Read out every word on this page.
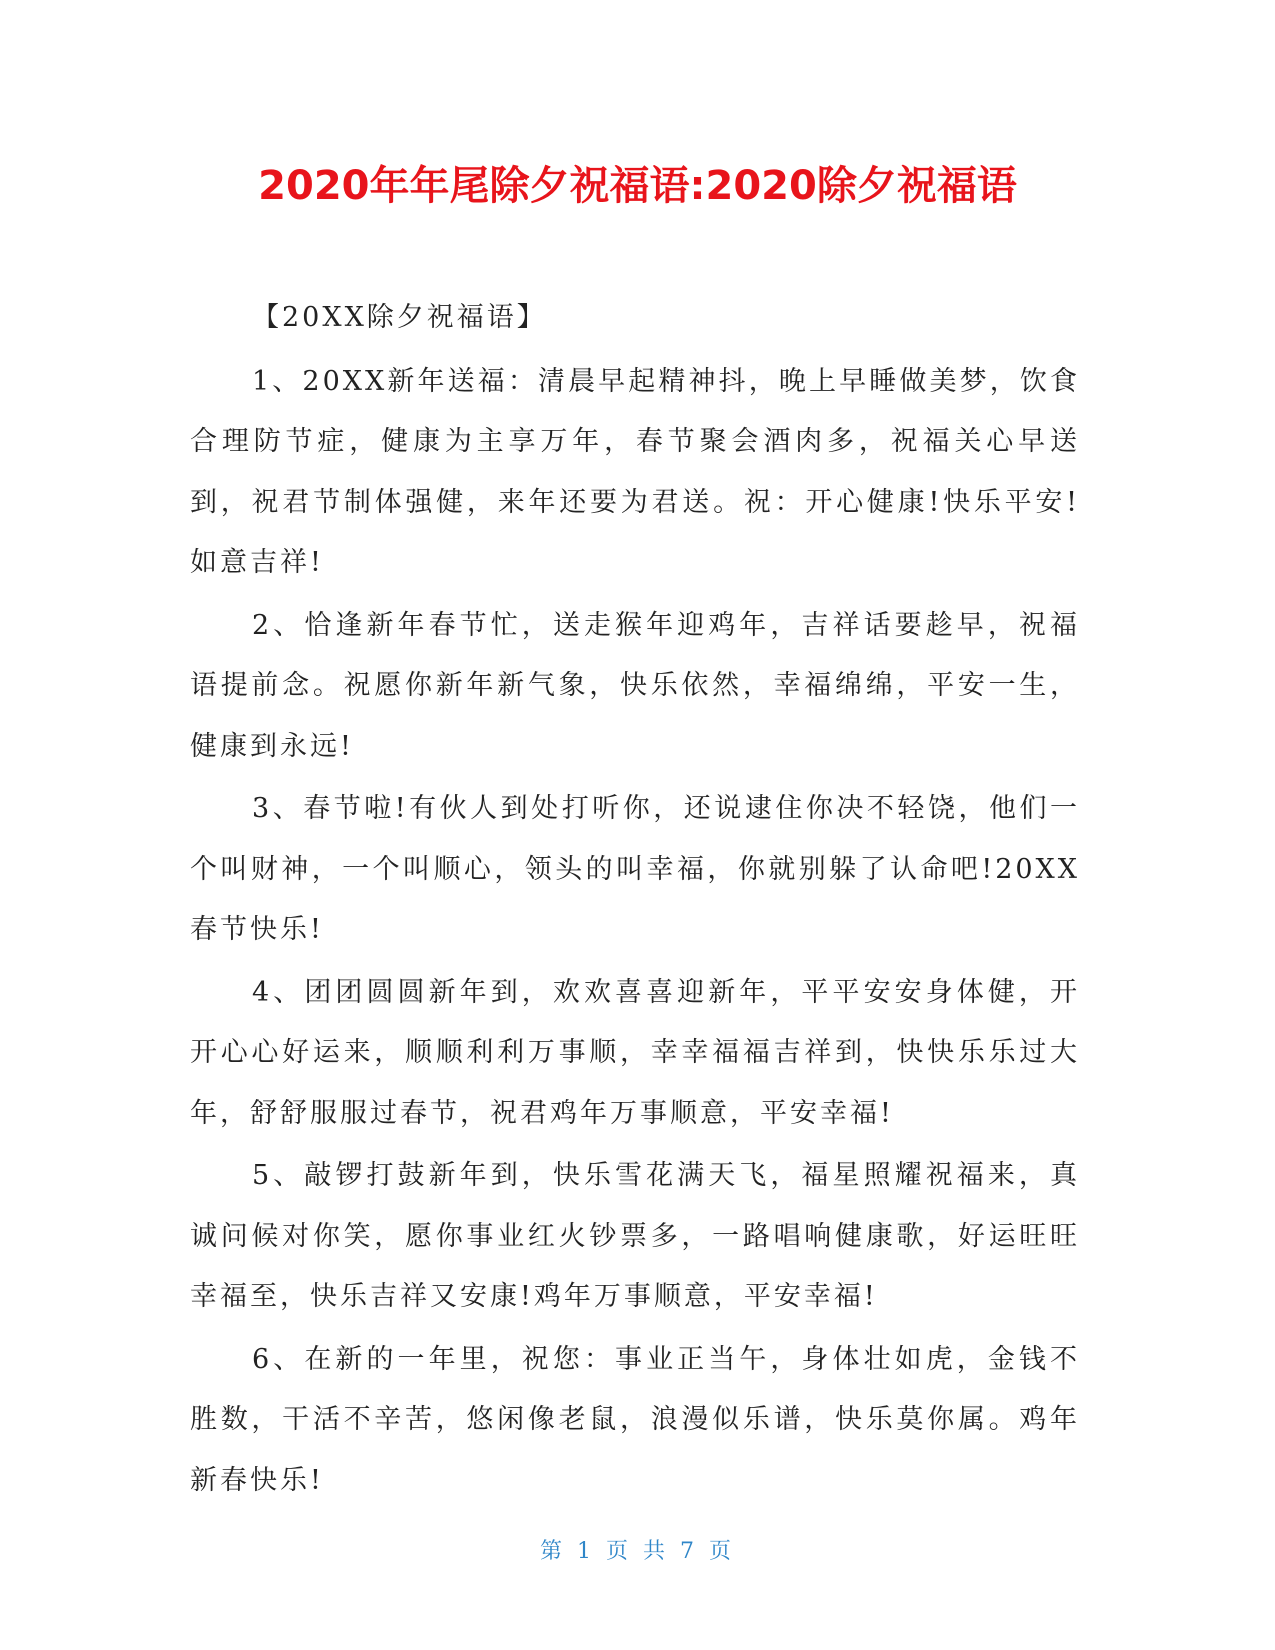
2020年年尾除夕祝福语:2020除夕祝福语

【20XX除夕祝福语】

1、20XX新年送福：清晨早起精神抖，晚上早睡做美梦，饮食合理防节症，健康为主享万年，春节聚会酒肉多，祝福关心早送到，祝君节制体强健，来年还要为君送。祝：开心健康!快乐平安!如意吉祥!

2、恰逢新年春节忙，送走猴年迎鸡年，吉祥话要趁早，祝福语提前念。祝愿你新年新气象，快乐依然，幸福绵绵，平安一生，健康到永远!

3、春节啦!有伙人到处打听你，还说逮住你决不轻饶，他们一个叫财神，一个叫顺心，领头的叫幸福，你就别躲了认命吧!20XX春节快乐!

4、团团圆圆新年到，欢欢喜喜迎新年，平平安安身体健，开开心心好运来，顺顺利利万事顺，幸幸福福吉祥到，快快乐乐过大年，舒舒服服过春节，祝君鸡年万事顺意，平安幸福!

5、敲锣打鼓新年到，快乐雪花满天飞，福星照耀祝福来，真诚问候对你笑，愿你事业红火钞票多，一路唱响健康歌，好运旺旺幸福至，快乐吉祥又安康!鸡年万事顺意，平安幸福!

6、在新的一年里，祝您：事业正当午，身体壮如虎，金钱不胜数，干活不辛苦，悠闲像老鼠，浪漫似乐谱，快乐莫你属。鸡年新春快乐!

第 1 页 共 7 页
